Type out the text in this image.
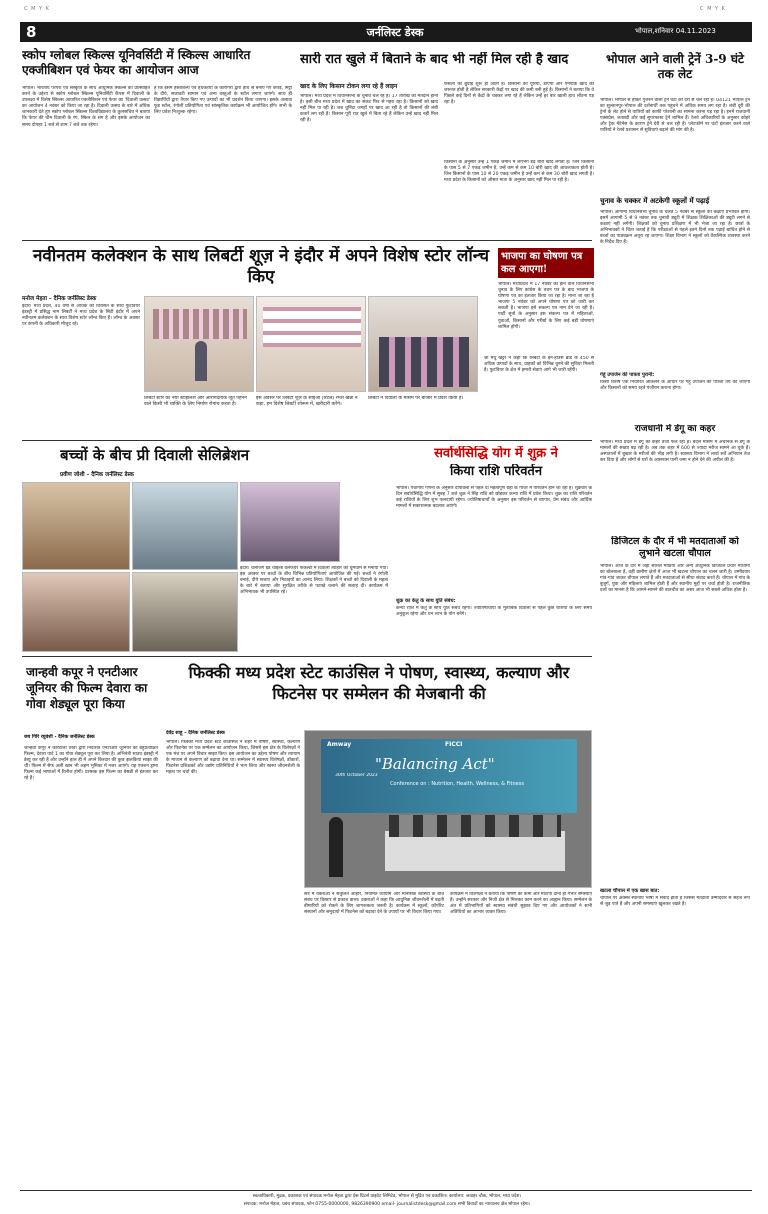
C M Y K	C M Y K
8	जर्नलिस्ट डेस्क	भोपाल,शनिवार 04.11.2023
स्कोप ग्लोबल स्किल्स यूनिवर्सिटी में स्किल्स आधारित एक्जीबिशन एवं फेयर का आयोजन आज
भोपाल। भारतीय परंपरा एवं संस्कृति के साथ आधुनिक स्किल्स को प्रोत्साहित करने के उद्देश्य से स्कोप ग्लोबल स्किल्स यूनिवर्सिटी कैंपस में दिवाली के उपलक्ष्य में विशेष स्किल्स आधारित एक्जीबिशन एवं फेयर का 'दिवाली उत्सव' का आयोजन 4 नवंबर को किया जा रहा है। दिवाली उत्सव के बारे में अधिक जानकारी देते हुए स्कोप ग्लोबल स्किल्स विश्वविद्यालय के कुलसचिव ने बताया कि फेयर की थीम दिवाली के रंग, स्किल के संग है और इसके आयोजन का समय दोपहर 1 बजे से शाम 7 बजे तक रहेगा।
है कि इसमें हस्तशिल्प एवं हथकरघा के कारीगरों द्वारा हाथ से बनाए गए कपड़े, मिट्टी के दीये, सजावटी सामान एवं अन्य वस्तुओं के स्टॉल लगाए जाएंगे। साथ ही विद्यार्थियों द्वारा तैयार किए गए उत्पादों का भी प्रदर्शन किया जाएगा। इसके अलावा फूड स्टॉल, रंगोली प्रतियोगिता एवं सांस्कृतिक कार्यक्रम भी आयोजित होंगे। सभी के लिए प्रवेश निःशुल्क रहेगा।
सारी रात खुले में बिताने के बाद भी नहीं मिल रही है खाद
खाद के लिए किसान टोकन लगा रहे हैं लाइन
भोपाल। मध्य प्रदेश में विधानसभा के चुनाव चल रहे हैं। 17 तारीख को मतदान होना है। इसी बीच मध्य प्रदेश में खाद का संकट फिर से गहरा रहा है। किसानों को खाद नहीं मिल पा रही है। जब चुनिंदा जगहों पर खाद आ रही है तो किसानों की लंबी कतारें लग रही हैं। किसान पूरी रात खुले में बिता रहे हैं लेकिन उन्हें खाद नहीं मिल रही है।
फसलों की बुवाई शुरू हो जाती है। किसानों को यूरिया, डीएपी और एनपीके खाद की जरूरत होती है लेकिन सरकारी केंद्रों पर खाद की कमी बनी हुई है। किसानों ने बताया कि वे पिछले कई दिनों से केंद्रों के चक्कर लगा रहे हैं लेकिन उन्हें हर बार खाली हाथ लौटना पड़ रहा है।
किसानों के अनुसार उन्हें 1 एकड़ जमीन में लगभग डेढ़ बोरी खाद लगती है। जिन किसानों के पास 5 से 7 एकड़ जमीन है, उन्हें कम से कम 10 बोरी खाद की आवश्यकता होती है। जिन किसानों के पास 10 से 20 एकड़ जमीन है उन्हें कम से कम 30 बोरी खाद लगती है। मध्य प्रदेश के किसानों को औसत मात्रा के अनुसार खाद नहीं मिल पा रही है।
भोपाल आने वाली ट्रेनें 3-9 घंटे तक लेट
भोपाल। भोपाल से होकर गुजरने वाली ट्रेनें घंटों की देरी से चल रही हैं। 04121 भोपाल ट्रेन का सुल्तानपुर-भोपाल की दर्शनार्थी तक पहुंचने में अधिक समय लग रहा है। लंबी दूरी की ट्रेनों के लेट होने से यात्रियों को काफी परेशानी का सामना करना पड़ रहा है। इनमें राजधानी एक्सप्रेस, शताब्दी और कई सुपरफास्ट ट्रेनें शामिल हैं। रेलवे अधिकारियों के अनुसार कोहरे और ट्रैक मेंटेनेंस के कारण ट्रेनें देरी से चल रही हैं। प्लेटफॉर्म पर घंटों इंतजार करने वाले यात्रियों ने रेलवे प्रशासन से सुविधाएं बढ़ाने की मांग की है।
चुनाव के चक्कर में अटकेगी स्कूलों में पढ़ाई
भोपाल। आगामी विधानसभा चुनाव के चलते 5 नवंबर से स्कूलों की कक्षाएं प्रभावित होंगी। इसमें आगामी 5 से 9 नवंबर तक चुनावी ड्यूटी में शिक्षक शिक्षिकाओं की ड्यूटी लगने से कक्षाएं नहीं लगेंगी। शिक्षकों को चुनाव प्रशिक्षण में भी भेजा जा रहा है। छात्रों के अभिभावकों ने चिंता जताई है कि परीक्षाओं से पहले इतने दिनों तक पढ़ाई बाधित होने से बच्चों का पाठ्यक्रम अधूरा रह जाएगा। शिक्षा विभाग ने स्कूलों को वैकल्पिक व्यवस्था करने के निर्देश दिए हैं।
गेहूं उपार्जन की पात्रता पुरानी:
किसी विशेष एक निर्धारित आकलन के आधार पर गेहूं उपार्जन की पात्रता तय की जाएगी और किसानों को समय रहते पंजीयन कराना होगा।
राजधानी में डेंगू का कहर
भोपाल। मध्य प्रदेश में डेंगू का कहर तेजी फैल रहा है। बदले मौसम में अचानक से डेंगू के मामलों की संख्या बढ़ रही है। अब तक शहर में 600 से ज्यादा मरीज सामने आ चुके हैं। अस्पतालों में बुखार के मरीजों की भीड़ लगी है। स्वास्थ्य विभाग ने लार्वा सर्वे अभियान तेज कर दिया है और लोगों से घरों के आसपास पानी जमा न होने देने की अपील की है।
डिजिटल के दौर में भी मतदाताओं को लुभाने खटला चौपाल
भोपाल। आज के दौर में जहां सोशल मीडिया और अन्य आधुनिक डिजिटल प्रचार माध्यमों का बोलबाला है, वहीं ग्रामीण क्षेत्रों में आज भी खटला चौपाल का चलन जारी है। उम्मीदवार गांव-गांव जाकर चौपाल लगाते हैं और मतदाताओं से सीधा संवाद करते हैं। चौपाल में गांव के बुजुर्ग, युवा और महिलाएं शामिल होती हैं और स्थानीय मुद्दों पर चर्चा होती है। राजनीतिक दलों का मानना है कि आमने-सामने की बातचीत का असर आज भी सबसे अधिक होता है।
खटला चौपाल में एक खास बात:
चौपाल पर अक्सर स्थानीय भाषा में संवाद होता है जिससे मतदाता उम्मीदवार से सहज रूप से जुड़ पाते हैं और अपनी समस्याएं खुलकर रखते हैं।
नवीनतम कलेक्शन के साथ लिबर्टी शूज़ ने इंदौर में अपने विशेष स्टोर लॉन्च किए
मनोज मेहता – दैनिक जर्नलिस्ट डेस्क
इंदौर। मध्य प्रदेश, 40 वर्षों से अधिक की विरासत के साथ फुटवियर इंडस्ट्री में प्रसिद्ध नाम लिबर्टी ने मध्य प्रदेश के सिटी इंदौर में अपने नवीनतम कलेक्शन के साथ विशेष स्टोर लॉन्च किए हैं। लॉन्च के अवसर पर कंपनी के अधिकारी मौजूद रहे।
लिबर्टी स्टोर का नया स्टाइलिश और आरामदायक जूते पहनने वाले किसी भी व्यक्ति के लिए निर्माण रोमांच करता है।
इस अवसर पर लिबर्टी शूज़ के सीईओ (रिटेल) रमेश खन्ना ने कहा, हम विशेष लिबर्टी शोरूम में, खरीदारी करेंगे।
लिबर्टी ने दिवाली के मौसम पर बाजार में प्रवेश किया है।
श्री मधु खट्टर ने कहा कि लिबर्टी के इन-हाउस ब्रांड के 450 से अधिक उत्पादों के साथ, ग्राहकों को विभिन्न चुनने की सुविधा मिलती है। फुटवियर के क्षेत्र में हमारी सेवाएं आगे भी जारी रहेंगी।
भाजपा का घोषणा पत्र कल आएगा!
बच्चों के बीच प्री दिवाली सेलिब्रेशन
प्रवीण जोशी – दैनिक जर्नलिस्ट डेस्क
इंदौर। चैलेंजिंग इंड चाइल्ड वेलफेयर फैकल्टी में दिवाली त्योहार को धूमधाम से मनाया गया। इस अवसर पर बच्चों के बीच विभिन्न प्रतियोगिताएं आयोजित की गईं। बच्चों ने रंगोली बनाई, दीये सजाए और मिठाइयों का आनंद लिया। शिक्षकों ने बच्चों को दिवाली के महत्व के बारे में बताया और सुरक्षित तरीके से पटाखे चलाने की सलाह दी। कार्यक्रम में अभिभावक भी उपस्थित रहे।
सर्वार्थसिद्धि योग में शुक्र ने
किया राशि परिवर्तन
भोपाल। पंचांगीय गणना के अनुसार दीपावली से पहले दो महत्वपूर्ण ग्रहों के गोचर में परिवर्तन होने जा रहा है। शुक्रवार के दिन सर्वार्थसिद्धि योग में सुबह 7 बजे शुक्र ने सिंह राशि को छोड़कर कन्या राशि में प्रवेश किया। शुक्र का राशि परिवर्तन कई राशियों के लिए शुभ फलदायी रहेगा। ज्योतिषाचार्यों के अनुसार इस परिवर्तन से व्यापार, प्रेम संबंध और आर्थिक मामलों में सकारात्मक बदलाव आएंगे।
शुक्र का केतु के साथ युति संबंध:
कन्या राशि में केतु के साथ युति संबंध रहेगा। ज्योतिषाचार्यों के मुताबिक दिवाली से पहले कुछ राशियों के लिए समय अनुकूल रहेगा और धन लाभ के योग बनेंगे।
जान्हवी कपूर ने एनटीआर जूनियर की फिल्म देवारा का गोवा शेड्यूल पूरा किया
जय गिरि रघुवंशी - दैनिक जर्नलिस्ट डेस्क
जान्हवी कपूर ने कोरटाला शिवा द्वारा निर्देशित एनटीआर जूनियर की बहुप्रतीक्षित फिल्म, देवारा पार्ट 1 का गोवा शेड्यूल पूरा कर लिया है। अभिनेत्री साउथ इंडस्ट्री में डेब्यू कर रही हैं और उन्होंने हाल ही में अपने किरदार की कुछ झलकियां साझा की थीं। फिल्म में सैफ अली खान भी अहम भूमिका में नजर आएंगे। यह एक्शन ड्रामा फिल्म कई भाषाओं में रिलीज होगी। प्रशंसक इस फिल्म का बेसब्री से इंतजार कर रहे हैं।
फिक्की मध्य प्रदेश स्टेट काउंसिल ने पोषण, स्वास्थ्य, कल्याण और फिटनेस पर सम्मेलन की मेजबानी की
देवेंद्र साहू – दैनिक जर्नलिस्ट डेस्क
भोपाल। फिक्की मध्य प्रदेश स्टेट काउंसिल ने शहर में पोषण, स्वास्थ्य, कल्याण और फिटनेस पर एक सम्मेलन का आयोजन किया, जिसमें इस क्षेत्र के विशेषज्ञों ने एक मंच पर अपने विचार साझा किए। इस आयोजन का उद्देश्य पोषण और व्यायाम के माध्यम से कल्याण को बढ़ावा देना था। सम्मेलन में स्वास्थ्य विशेषज्ञों, डॉक्टरों, फिटनेस प्रशिक्षकों और उद्योग प्रतिनिधियों ने भाग लिया और स्वस्थ जीवनशैली के महत्व पर चर्चा की।
Amway	FICCI
"Balancing Act"
Conference on : Nutrition, Health, Wellness, & Fitness
30th October 2023
सत्र में वक्ताओं ने संतुलित आहार, नियमित व्यायाम और मानसिक स्वास्थ्य के बीच संबंध पर विस्तार से प्रकाश डाला। वक्ताओं ने कहा कि आधुनिक जीवनशैली में बढ़ती बीमारियों को रोकने के लिए जागरूकता जरूरी है। कार्यक्रम में स्कूलों, कॉर्पोरेट संस्थानों और समुदायों में फिटनेस को बढ़ावा देने के उपायों पर भी विचार किया गया।
कार्यक्रम में विशेषज्ञों ने बताया कि पोषण की कमी और मोटापा दोनों ही गंभीर समस्याएं हैं। उन्होंने सरकार और निजी क्षेत्र से मिलकर काम करने का आह्वान किया। सम्मेलन के अंत में प्रतिभागियों को स्वास्थ्य संबंधी सुझाव दिए गए और आयोजकों ने सभी अतिथियों का आभार व्यक्त किया।
स्वत्वाधिकारी, मुद्रक, प्रकाशक एवं संपादक मनोज मेहता द्वारा प्रेस प्रिंटर्स प्राइवेट लिमिटेड, भोपाल से मुद्रित एवं प्रकाशित। कार्यालय: जवाहर चौक, भोपाल, मध्य प्रदेश।
संपादक: मनोज मेहता, प्रबंध संपादक, फोन 0755-0000000, 9826390900 email- journalistdesk@gmail.com सभी विवादों का न्यायालय क्षेत्र भोपाल रहेगा।
भोपाल। मध्यप्रदेश में 17 नवंबर को होने वाले विधानसभा चुनाव के लिए कांग्रेस के वचन पत्र के बाद भाजपा के घोषणा पत्र का इंतजार किया जा रहा है। माना जा रहा है भाजपा 5 नवंबर को अपने घोषणा पत्र को जारी कर सकती है। भाजपा इसे संकल्प पत्र नाम देने जा रही है। पार्टी सूत्रों के अनुसार इस संकल्प पत्र में महिलाओं, युवाओं, किसानों और गरीबों के लिए कई बड़ी घोषणाएं शामिल होंगी।
